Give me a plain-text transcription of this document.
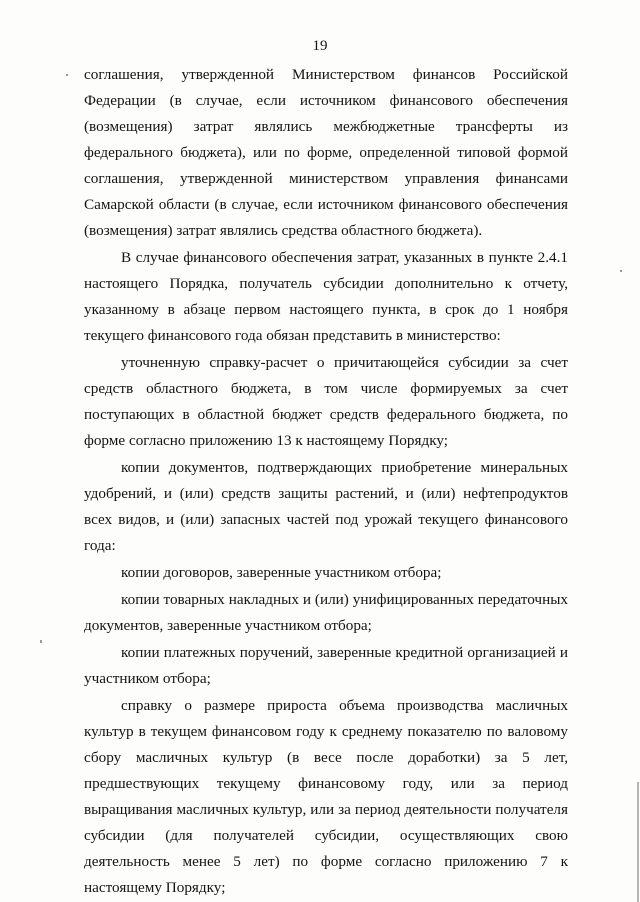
19

соглашения, утвержденной Министерством финансов Российской Федерации (в случае, если источником финансового обеспечения (возмещения) затрат являлись межбюджетные трансферты из федерального бюджета), или по форме, определенной типовой формой соглашения, утвержденной министерством управления финансами Самарской области (в случае, если источником финансового обеспечения (возмещения) затрат являлись средства областного бюджета).

В случае финансового обеспечения затрат, указанных в пункте 2.4.1 настоящего Порядка, получатель субсидии дополнительно к отчету, указанному в абзаце первом настоящего пункта, в срок до 1 ноября текущего финансового года обязан представить в министерство:

уточненную справку-расчет о причитающейся субсидии за счет средств областного бюджета, в том числе формируемых за счет поступающих в областной бюджет средств федерального бюджета, по форме согласно приложению 13 к настоящему Порядку;

копии документов, подтверждающих приобретение минеральных удобрений, и (или) средств защиты растений, и (или) нефтепродуктов всех видов, и (или) запасных частей под урожай текущего финансового года:

копии договоров, заверенные участником отбора;

копии товарных накладных и (или) унифицированных передаточных документов, заверенные участником отбора;

копии платежных поручений, заверенные кредитной организацией и участником отбора;

справку о размере прироста объема производства масличных культур в текущем финансовом году к среднему показателю по валовому сбору масличных культур (в весе после доработки) за 5 лет, предшествующих текущему финансовому году, или за период выращивания масличных культур, или за период деятельности получателя субсидии (для получателей субсидии, осуществляющих свою деятельность менее 5 лет) по форме согласно приложению 7 к настоящему Порядку;
